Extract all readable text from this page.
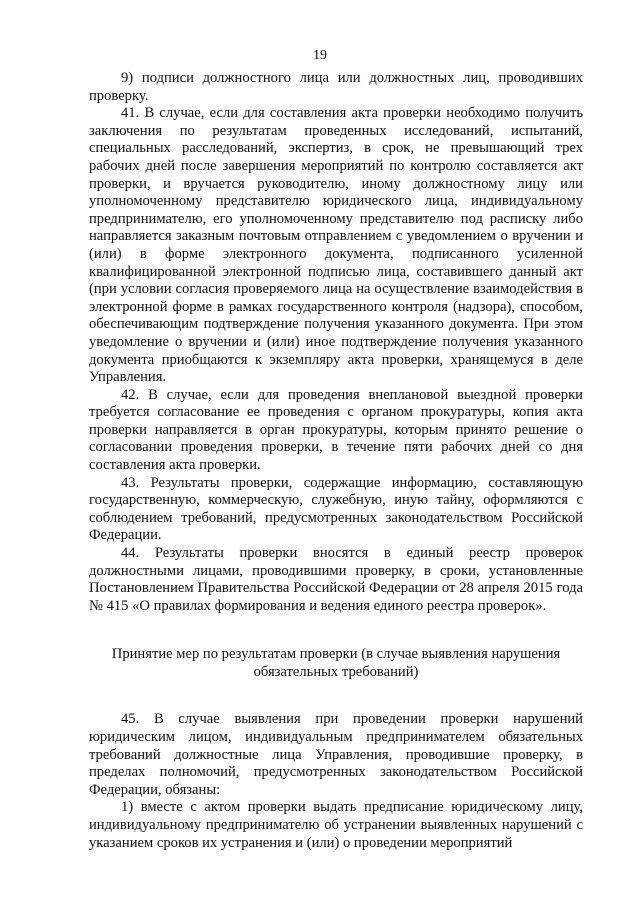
19

9) подписи должностного лица или должностных лиц, проводивших проверку.

41. В случае, если для составления акта проверки необходимо получить заключения по результатам проведенных исследований, испытаний, специальных расследований, экспертиз, в срок, не превышающий трех рабочих дней после завершения мероприятий по контролю составляется акт проверки, и вручается руководителю, иному должностному лицу или уполномоченному представителю юридического лица, индивидуальному предпринимателю, его уполномоченному представителю под расписку либо направляется заказным почтовым отправлением с уведомлением о вручении и (или) в форме электронного документа, подписанного усиленной квалифицированной электронной подписью лица, составившего данный акт (при условии согласия проверяемого лица на осуществление взаимодействия в электронной форме в рамках государственного контроля (надзора), способом, обеспечивающим подтверждение получения указанного документа. При этом уведомление о вручении и (или) иное подтверждение получения указанного документа приобщаются к экземпляру акта проверки, хранящемуся в деле Управления.

42. В случае, если для проведения внеплановой выездной проверки требуется согласование ее проведения с органом прокуратуры, копия акта проверки направляется в орган прокуратуры, которым принято решение о согласовании проведения проверки, в течение пяти рабочих дней со дня составления акта проверки.

43. Результаты проверки, содержащие информацию, составляющую государственную, коммерческую, служебную, иную тайну, оформляются с соблюдением требований, предусмотренных законодательством Российской Федерации.

44. Результаты проверки вносятся в единый реестр проверок должностными лицами, проводившими проверку, в сроки, установленные Постановлением Правительства Российской Федерации от 28 апреля 2015 года № 415 «О правилах формирования и ведения единого реестра проверок».

Принятие мер по результатам проверки (в случае выявления нарушения обязательных требований)

45. В случае выявления при проведении проверки нарушений юридическим лицом, индивидуальным предпринимателем обязательных требований должностные лица Управления, проводившие проверку, в пределах полномочий, предусмотренных законодательством Российской Федерации, обязаны:

1) вместе с актом проверки выдать предписание юридическому лицу, индивидуальному предпринимателю об устранении выявленных нарушений с указанием сроков их устранения и (или) о проведении мероприятий
